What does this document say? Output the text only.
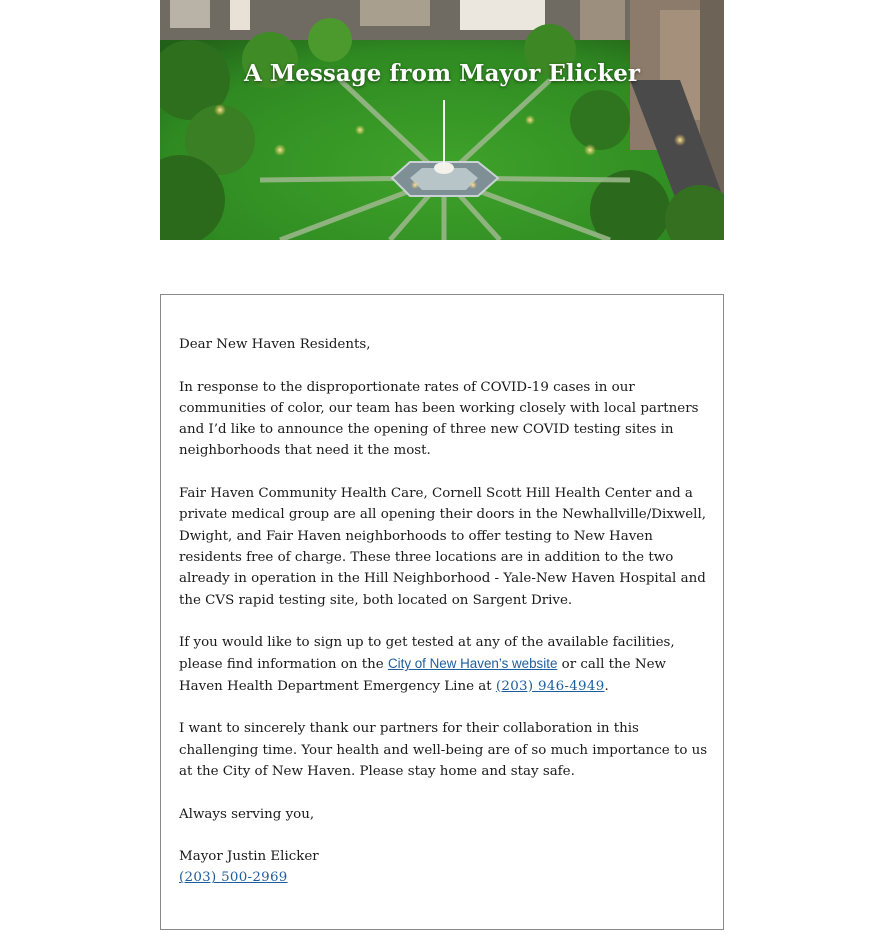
A Message from Mayor Elicker

Dear New Haven Residents,

In response to the disproportionate rates of COVID-19 cases in our communities of color, our team has been working closely with local partners and I’d like to announce the opening of three new COVID testing sites in neighborhoods that need it the most.

Fair Haven Community Health Care, Cornell Scott Hill Health Center and a private medical group are all opening their doors in the Newhallville/Dixwell, Dwight, and Fair Haven neighborhoods to offer testing to New Haven residents free of charge. These three locations are in addition to the two already in operation in the Hill Neighborhood - Yale-New Haven Hospital and the CVS rapid testing site, both located on Sargent Drive.

If you would like to sign up to get tested at any of the available facilities, please find information on the City of New Haven’s website or call the New Haven Health Department Emergency Line at (203) 946-4949.

I want to sincerely thank our partners for their collaboration in this challenging time. Your health and well-being are of so much importance to us at the City of New Haven. Please stay home and stay safe.

Always serving you,

Mayor Justin Elicker

(203) 500-2969
